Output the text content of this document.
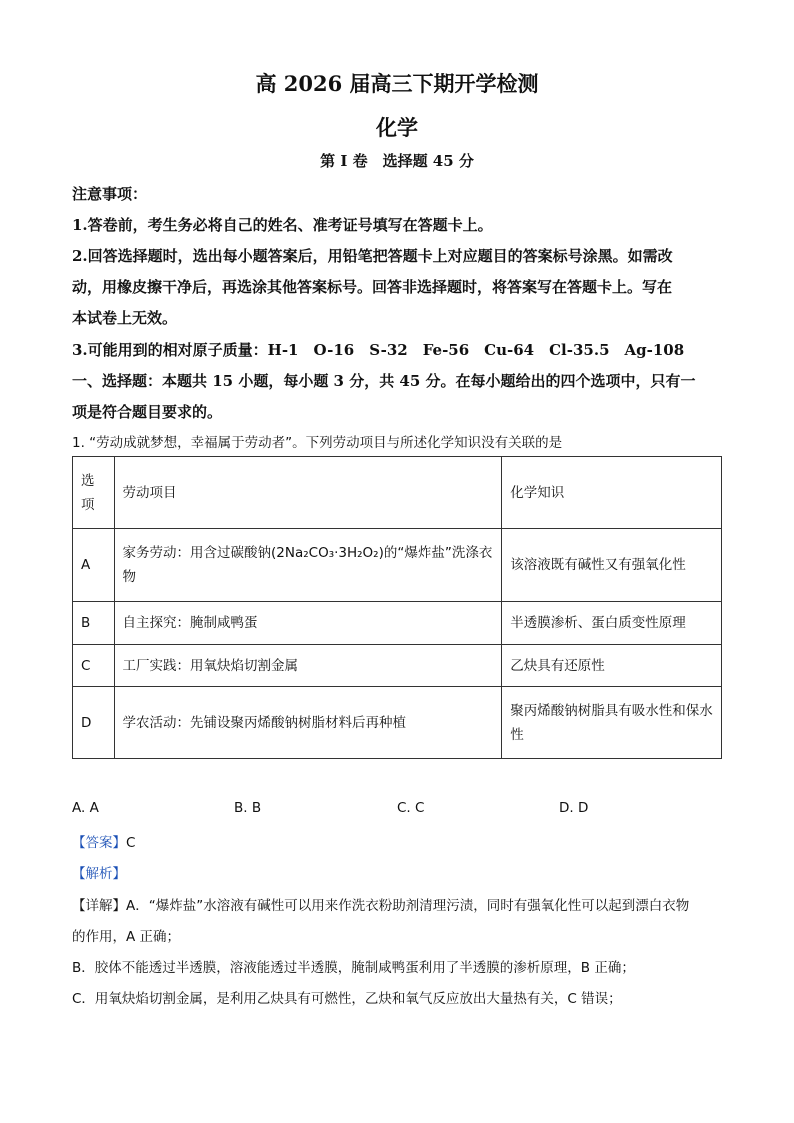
高 2026 届高三下期开学检测
化学
第 I 卷　选择题 45 分
注意事项：
1.答卷前，考生务必将自己的姓名、准考证号填写在答题卡上。
2.回答选择题时，选出每小题答案后，用铅笔把答题卡上对应题目的答案标号涂黑。如需改
动，用橡皮擦干净后，再选涂其他答案标号。回答非选择题时，将答案写在答题卡上。写在
本试卷上无效。
3.可能用到的相对原子质量：H-1　O-16　S-32　Fe-56　Cu-64　Cl-35.5　Ag-108
一、选择题：本题共 15 小题，每小题 3 分，共 45 分。在每小题给出的四个选项中，只有一
项是符合题目要求的。
1. “劳动成就梦想，幸福属于劳动者”。下列劳动项目与所述化学知识没有关联的是
选项	劳动项目	化学知识
A	家务劳动：用含过碳酸钠(2Na₂CO₃·3H₂O₂)的“爆炸盐”洗涤衣物	该溶液既有碱性又有强氧化性
B	自主探究：腌制咸鸭蛋	半透膜渗析、蛋白质变性原理
C	工厂实践：用氧炔焰切割金属	乙炔具有还原性
D	学农活动：先铺设聚丙烯酸钠树脂材料后再种植	聚丙烯酸钠树脂具有吸水性和保水性
A. A	B. B	C. C	D. D
【答案】C
【解析】
【详解】A．“爆炸盐”水溶液有碱性可以用来作洗衣粉助剂清理污渍，同时有强氧化性可以起到漂白衣物
的作用，A 正确；
B．胶体不能透过半透膜，溶液能透过半透膜，腌制咸鸭蛋利用了半透膜的渗析原理，B 正确；
C．用氧炔焰切割金属，是利用乙炔具有可燃性，乙炔和氧气反应放出大量热有关，C 错误；
